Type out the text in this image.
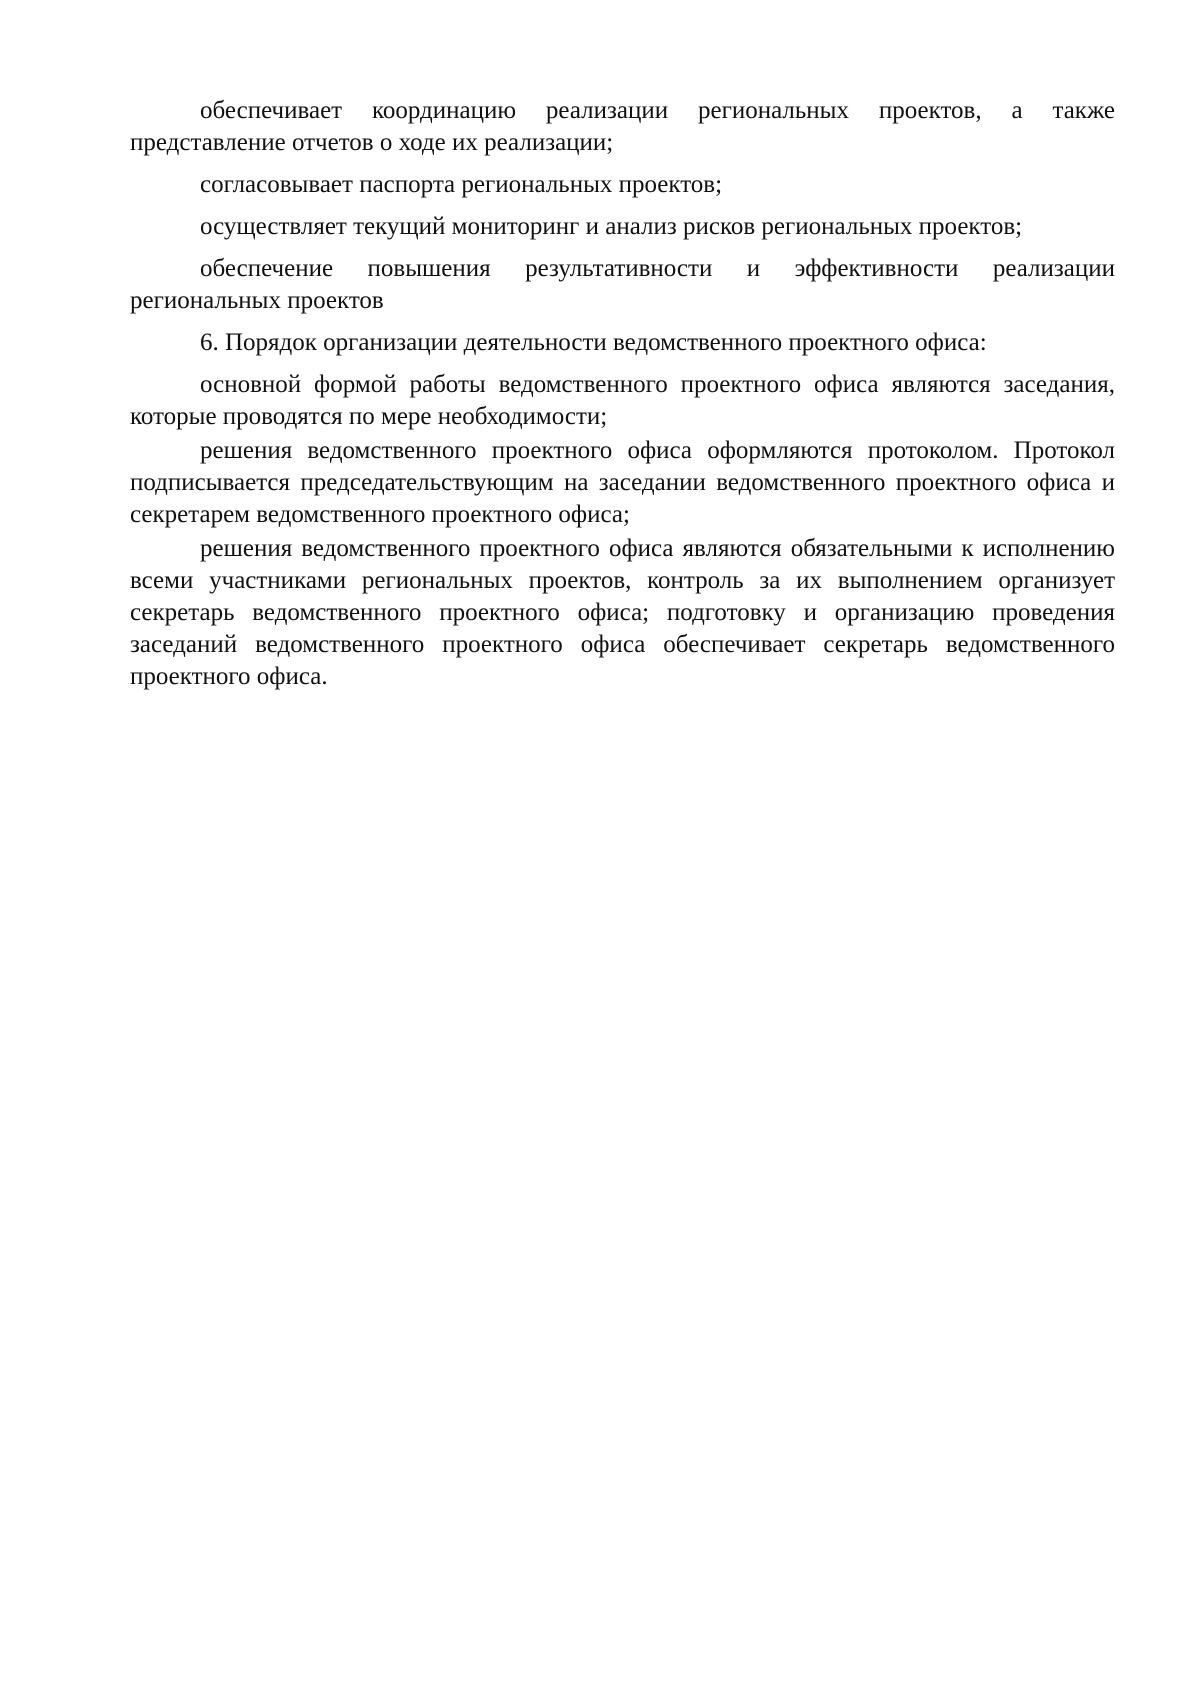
обеспечивает координацию реализации региональных проектов, а также представление отчетов о ходе их реализации;

согласовывает паспорта региональных проектов;

осуществляет текущий мониторинг и анализ рисков региональных проектов;

обеспечение повышения результативности и эффективности реализации региональных проектов

6. Порядок организации деятельности ведомственного проектного офиса:

основной формой работы ведомственного проектного офиса являются заседания, которые проводятся по мере необходимости;

решения ведомственного проектного офиса оформляются протоколом. Протокол подписывается председательствующим на заседании ведомственного проектного офиса и секретарем ведомственного проектного офиса;

решения ведомственного проектного офиса являются обязательными к исполнению всеми участниками региональных проектов, контроль за их выполнением организует секретарь ведомственного проектного офиса; подготовку и организацию проведения заседаний ведомственного проектного офиса обеспечивает секретарь ведомственного проектного офиса.
